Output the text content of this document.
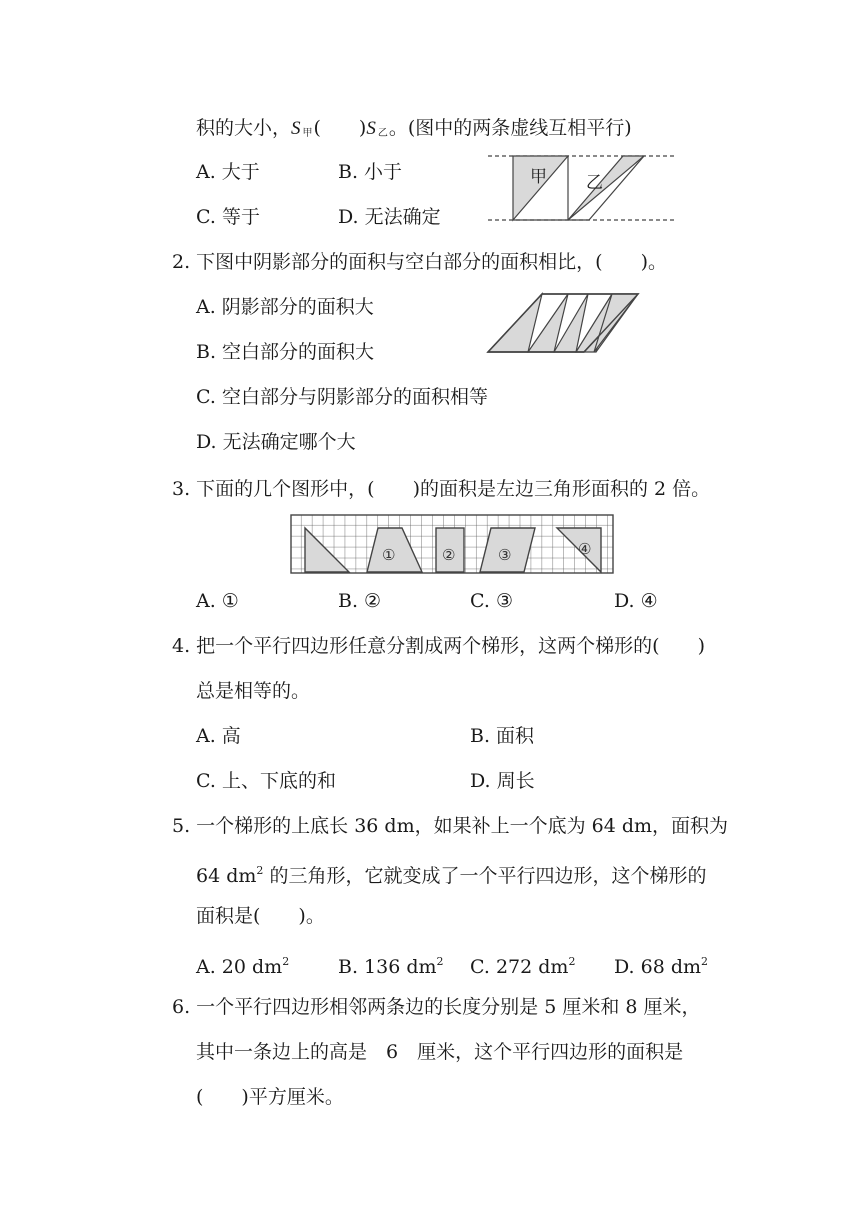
积的大小，S $_甲$(　　)S $_乙$。(图中的两条虚线互相平行)
A. 大于	B. 小于
C. 等于	D. 无法确定
甲 乙
2. 下图中阴影部分的面积与空白部分的面积相比，(　　)。
A. 阴影部分的面积大
B. 空白部分的面积大
C. 空白部分与阴影部分的面积相等
D. 无法确定哪个大
3. 下面的几个图形中，(　　)的面积是左边三角形面积的 2 倍。
①	②	③	④
A. ①	B. ②	C. ③	D. ④
4. 把一个平行四边形任意分割成两个梯形，这两个梯形的(　　)
总是相等的。
A. 高	B. 面积
C. 上、下底的和	D. 周长
5. 一个梯形的上底长 36 dm，如果补上一个底为 64 dm，面积为
64 $dm^2$ 的三角形，它就变成了一个平行四边形，这个梯形的
面积是(　　)。
A. 20 $dm^2$	B. 136 $dm^2$ C. 272 $dm^2$ D. 68 $dm^2$
6. 一个平行四边形相邻两条边的长度分别是 5 厘米和 8 厘米，
其中一条边上的高是　6　厘米，这个平行四边形的面积是
(　　)平方厘米。
